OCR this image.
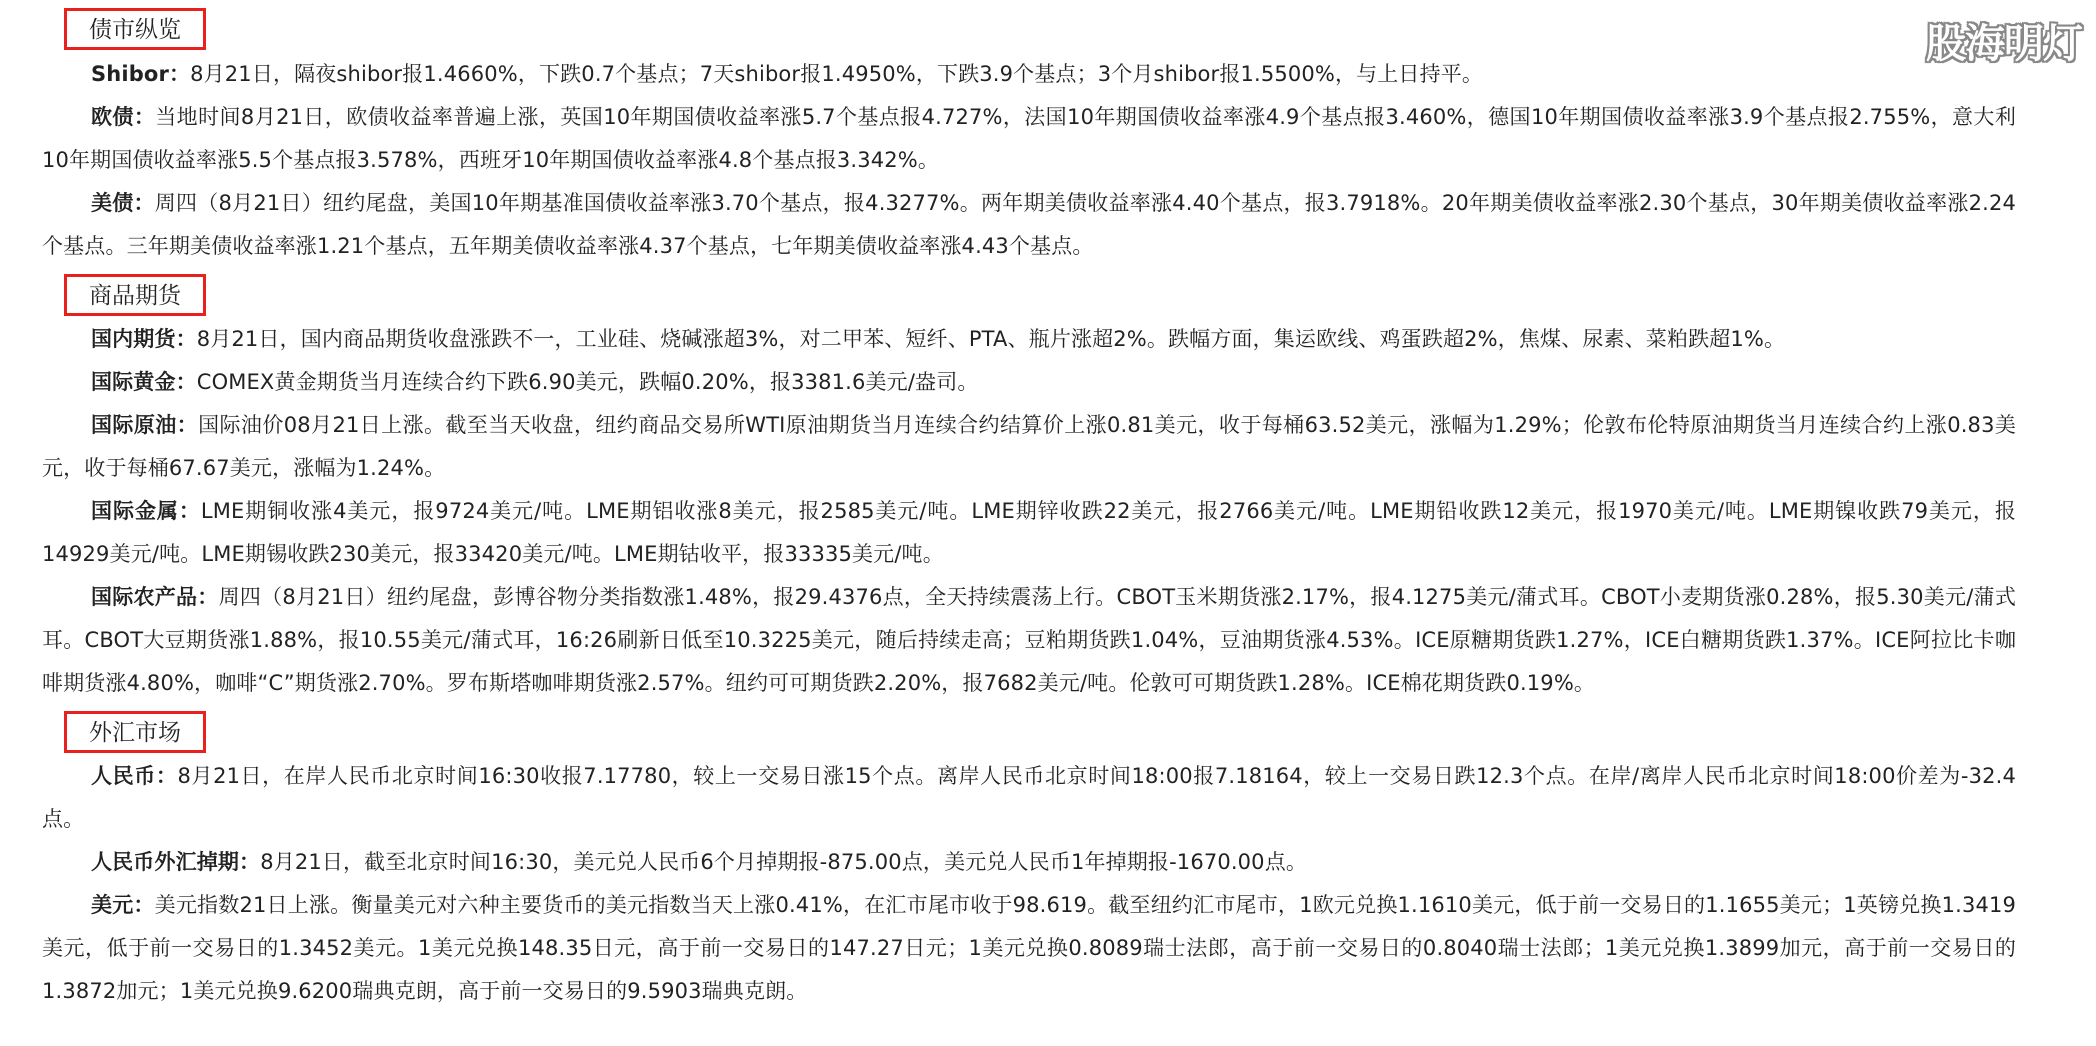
股海明灯
债市纵览

Shibor：8月21日，隔夜shibor报1.4660%，下跌0.7个基点；7天shibor报1.4950%，下跌3.9个基点；3个月shibor报1.5500%，与上日持平。

欧债：当地时间8月21日，欧债收益率普遍上涨，英国10年期国债收益率涨5.7个基点报4.727%，法国10年期国债收益率涨4.9个基点报3.460%，德国10年期国债收益率涨3.9个基点报2.755%，意大利10年期国债收益率涨5.5个基点报3.578%，西班牙10年期国债收益率涨4.8个基点报3.342%。

美债：周四（8月21日）纽约尾盘，美国10年期基准国债收益率涨3.70个基点，报4.3277%。两年期美债收益率涨4.40个基点，报3.7918%。20年期美债收益率涨2.30个基点，30年期美债收益率涨2.24个基点。三年期美债收益率涨1.21个基点，五年期美债收益率涨4.37个基点，七年期美债收益率涨4.43个基点。

商品期货

国内期货：8月21日，国内商品期货收盘涨跌不一，工业硅、烧碱涨超3%，对二甲苯、短纤、PTA、瓶片涨超2%。跌幅方面，集运欧线、鸡蛋跌超2%，焦煤、尿素、菜粕跌超1%。

国际黄金：COMEX黄金期货当月连续合约下跌6.90美元，跌幅0.20%，报3381.6美元/盎司。

国际原油：国际油价08月21日上涨。截至当天收盘，纽约商品交易所WTI原油期货当月连续合约结算价上涨0.81美元，收于每桶63.52美元，涨幅为1.29%；伦敦布伦特原油期货当月连续合约上涨0.83美元，收于每桶67.67美元，涨幅为1.24%。

国际金属：LME期铜收涨4美元，报9724美元/吨。LME期铝收涨8美元，报2585美元/吨。LME期锌收跌22美元，报2766美元/吨。LME期铅收跌12美元，报1970美元/吨。LME期镍收跌79美元，报14929美元/吨。LME期锡收跌230美元，报33420美元/吨。LME期钴收平，报33335美元/吨。

国际农产品：周四（8月21日）纽约尾盘，彭博谷物分类指数涨1.48%，报29.4376点，全天持续震荡上行。CBOT玉米期货涨2.17%，报4.1275美元/蒲式耳。CBOT小麦期货涨0.28%，报5.30美元/蒲式耳。CBOT大豆期货涨1.88%，报10.55美元/蒲式耳，16:26刷新日低至10.3225美元，随后持续走高；豆粕期货跌1.04%，豆油期货涨4.53%。ICE原糖期货跌1.27%，ICE白糖期货跌1.37%。ICE阿拉比卡咖啡期货涨4.80%，咖啡“C”期货涨2.70%。罗布斯塔咖啡期货涨2.57%。纽约可可期货跌2.20%，报7682美元/吨。伦敦可可期货跌1.28%。ICE棉花期货跌0.19%。

外汇市场

人民币：8月21日，在岸人民币北京时间16:30收报7.17780，较上一交易日涨15个点。离岸人民币北京时间18:00报7.18164，较上一交易日跌12.3个点。在岸/离岸人民币北京时间18:00价差为-32.4点。

人民币外汇掉期：8月21日，截至北京时间16:30，美元兑人民币6个月掉期报-875.00点，美元兑人民币1年掉期报-1670.00点。

美元：美元指数21日上涨。衡量美元对六种主要货币的美元指数当天上涨0.41%，在汇市尾市收于98.619。截至纽约汇市尾市，1欧元兑换1.1610美元，低于前一交易日的1.1655美元；1英镑兑换1.3419美元，低于前一交易日的1.3452美元。1美元兑换148.35日元，高于前一交易日的147.27日元；1美元兑换0.8089瑞士法郎，高于前一交易日的0.8040瑞士法郎；1美元兑换1.3899加元，高于前一交易日的1.3872加元；1美元兑换9.6200瑞典克朗，高于前一交易日的9.5903瑞典克朗。
